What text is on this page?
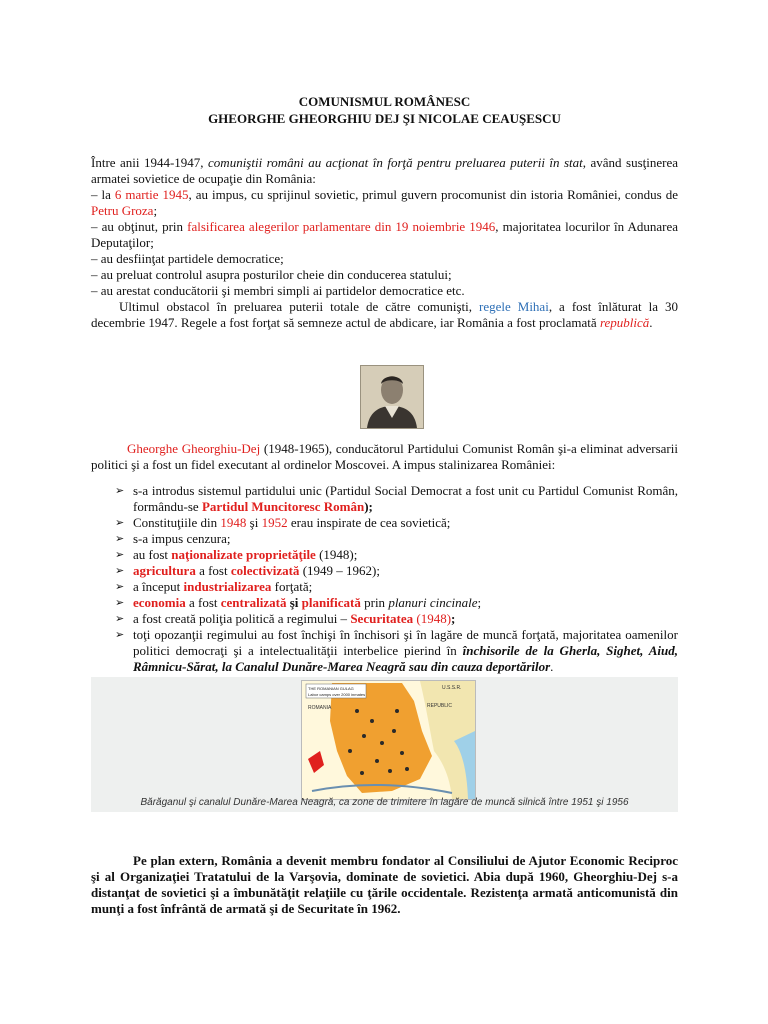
COMUNISMUL ROMÂNESC
GHEORGHE GHEORGHIU DEJ ŞI NICOLAE CEAUŞESCU
Între anii 1944-1947, comuniştii români au acţionat în forţă pentru preluarea puterii în stat, având susţinerea armatei sovietice de ocupaţie din România:
– la 6 martie 1945, au impus, cu sprijinul sovietic, primul guvern procomunist din istoria României, condus de Petru Groza;
– au obţinut, prin falsificarea alegerilor parlamentare din 19 noiembrie 1946, majoritatea locurilor în Adunarea Deputaţilor;
– au desfiinţat partidele democratice;
– au preluat controlul asupra posturilor cheie din conducerea statului;
– au arestat conducătorii şi membri simpli ai partidelor democratice etc.
Ultimul obstacol în preluarea puterii totale de către comunişti, regele Mihai, a fost înlăturat la 30 decembrie 1947. Regele a fost forţat să semneze actul de abdicare, iar România a fost proclamată republică.
Gheorghe Gheorghiu-Dej (1948-1965), conducătorul Partidului Comunist Român şi-a eliminat adversarii politici şi a fost un fidel executant al ordinelor Moscovei. A impus stalinizarea României:
➢ s-a introdus sistemul partidului unic (Partidul Social Democrat a fost unit cu Partidul Comunist Român, formându-se Partidul Muncitoresc Român);
➢ Constituţiile din 1948 şi 1952 erau inspirate de cea sovietică;
➢ s-a impus cenzura;
➢ au fost naţionalizate proprietăţile (1948);
➢ agricultura a fost colectivizată (1949 – 1962);
➢ a început industrializarea forţată;
➢ economia a fost centralizată şi planificată prin planuri cincinale;
➢ a fost creată poliţia politică a regimului – Securitatea (1948);
➢ toţi opozanţii regimului au fost închişi în închisori şi în lagăre de muncă forţată, majoritatea oamenilor politici democraţi şi a intelectualităţii interbelice pierind în închisorile de la Gherla, Sighet, Aiud, Râmnicu-Sărat, la Canalul Dunăre-Marea Neagră sau din cauza deportărilor.
THE ROMANIAN GULAG
Labor camps over 2000 inmates
ROMANIA	REPUBLIC
U.S.S.R.
Bărăganul şi canalul Dunăre-Marea Neagră, ca zone de trimitere în lagăre de muncă silnică între 1951 şi 1956
Pe plan extern, România a devenit membru fondator al Consiliului de Ajutor Economic Reciproc şi al Organizaţiei Tratatului de la Varşovia, dominate de sovietici. Abia după 1960, Gheorghiu-Dej s-a distanţat de sovietici şi a îmbunătăţit relaţiile cu ţările occidentale. Rezistenţa armată anticomunistă din munţi a fost înfrântă de armată şi de Securitate în 1962.
